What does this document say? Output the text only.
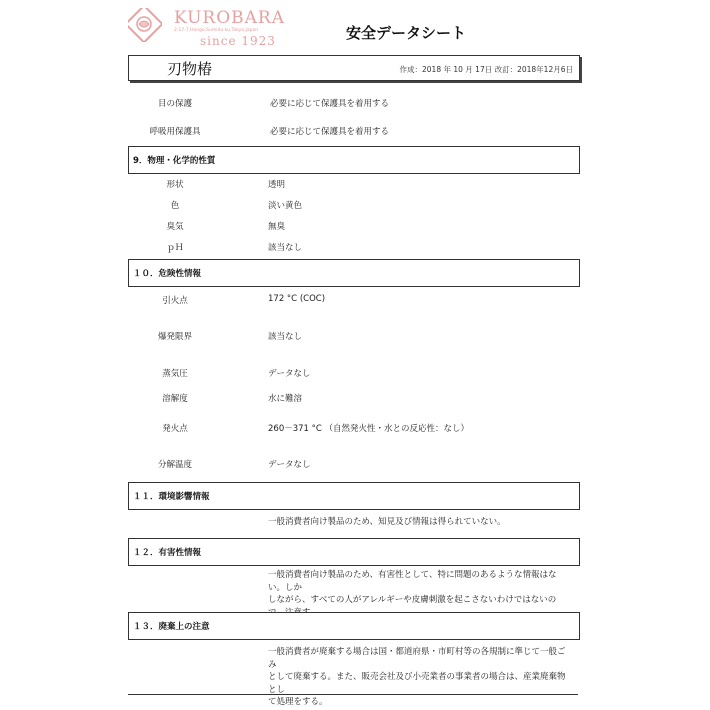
KUROBARA
2-17-7,Hongo,Sumida-ku,Tokyo,Japan
since 1923	安全データシート
刃物椿	作成：2018 年 10 月 17日 改訂：2018年12月6日
目の保護	必要に応じて保護具を着用する
呼吸用保護具	必要に応じて保護具を着用する
9．物理・化学的性質
形状	透明
色	淡い黄色
臭気	無臭
ｐＨ	該当なし
１０．危険性情報
引火点	172 °C (COC)
爆発限界	該当なし
蒸気圧	データなし
溶解度	水に難溶
発火点	260－371 °C （自然発火性・水との反応性：なし）
分解温度	データなし
１１．環境影響情報
一般消費者向け製品のため、知見及び情報は得られていない。
１２．有害性情報
一般消費者向け製品のため、有害性として、特に問題のあるような情報はない。しか
しながら、すべての人がアレルギーや皮膚刺激を起こさないわけではないの
１３．廃棄上の注意
一般消費者が廃棄する場合は国・都道府県・市町村等の各規制に準じて一般ごみ
として廃棄する。また、販売会社及び小売業者の事業者の場合は、産業廃棄物とし
て処理をする。
